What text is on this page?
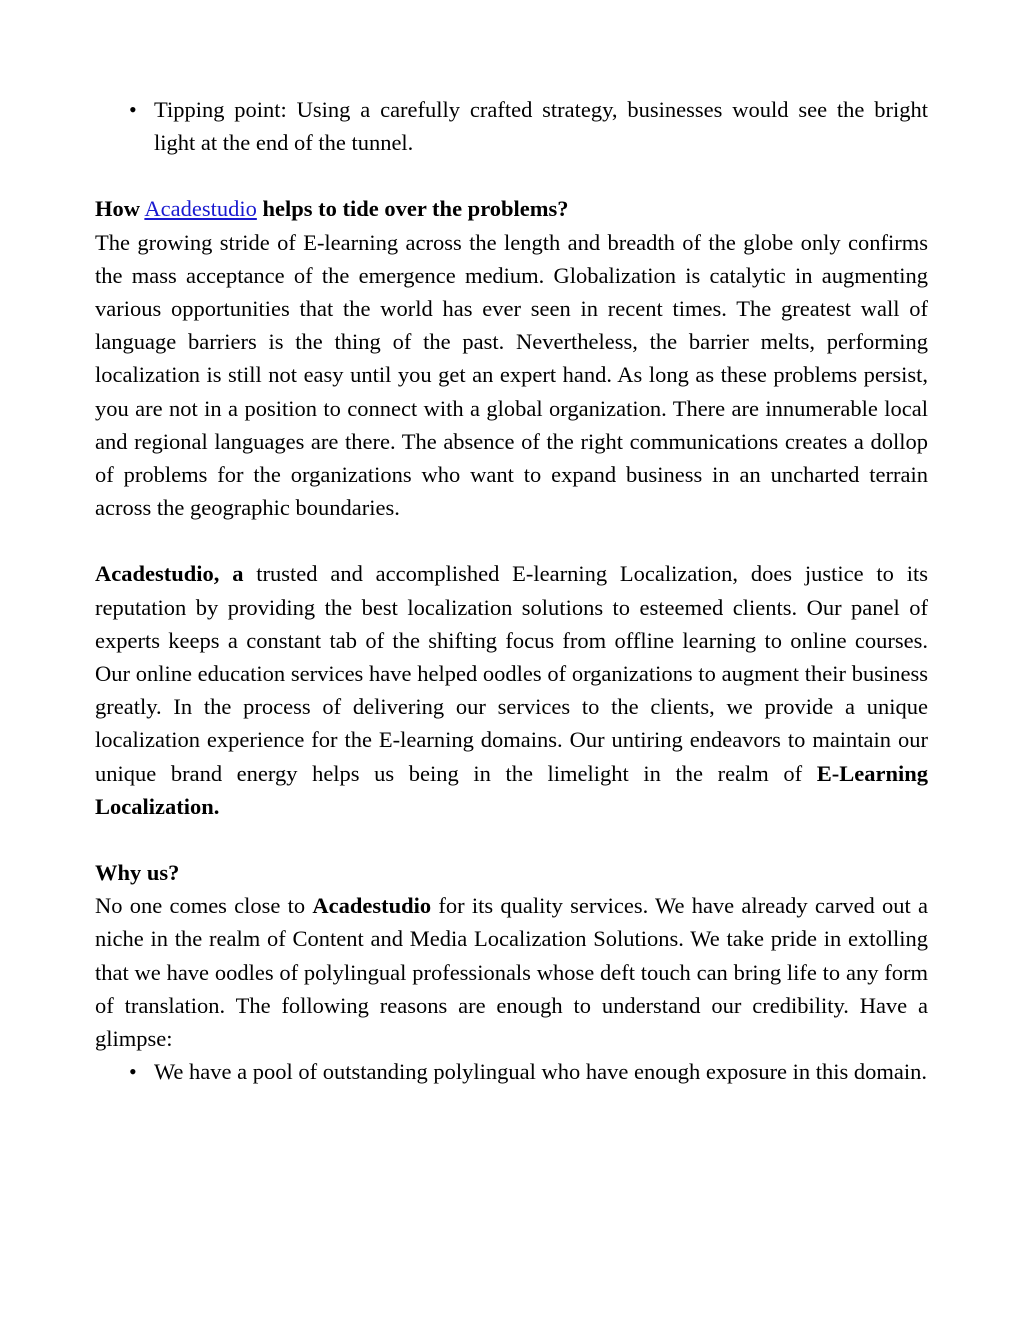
• Tipping point: Using a carefully crafted strategy, businesses would see the bright light at the end of the tunnel.

How Acadestudio helps to tide over the problems?

The growing stride of E-learning across the length and breadth of the globe only confirms the mass acceptance of the emergence medium. Globalization is catalytic in augmenting various opportunities that the world has ever seen in recent times. The greatest wall of language barriers is the thing of the past. Nevertheless, the barrier melts, performing localization is still not easy until you get an expert hand. As long as these problems persist, you are not in a position to connect with a global organization. There are innumerable local and regional languages are there. The absence of the right communications creates a dollop of problems for the organizations who want to expand business in an uncharted terrain across the geographic boundaries.

Acadestudio, a trusted and accomplished E-learning Localization, does justice to its reputation by providing the best localization solutions to esteemed clients. Our panel of experts keeps a constant tab of the shifting focus from offline learning to online courses. Our online education services have helped oodles of organizations to augment their business greatly. In the process of delivering our services to the clients, we provide a unique localization experience for the E-learning domains. Our untiring endeavors to maintain our unique brand energy helps us being in the limelight in the realm of E-Learning Localization.

Why us?

No one comes close to Acadestudio for its quality services. We have already carved out a niche in the realm of Content and Media Localization Solutions. We take pride in extolling that we have oodles of polylingual professionals whose deft touch can bring life to any form of translation. The following reasons are enough to understand our credibility. Have a glimpse:

• We have a pool of outstanding polylingual who have enough exposure in this domain.
